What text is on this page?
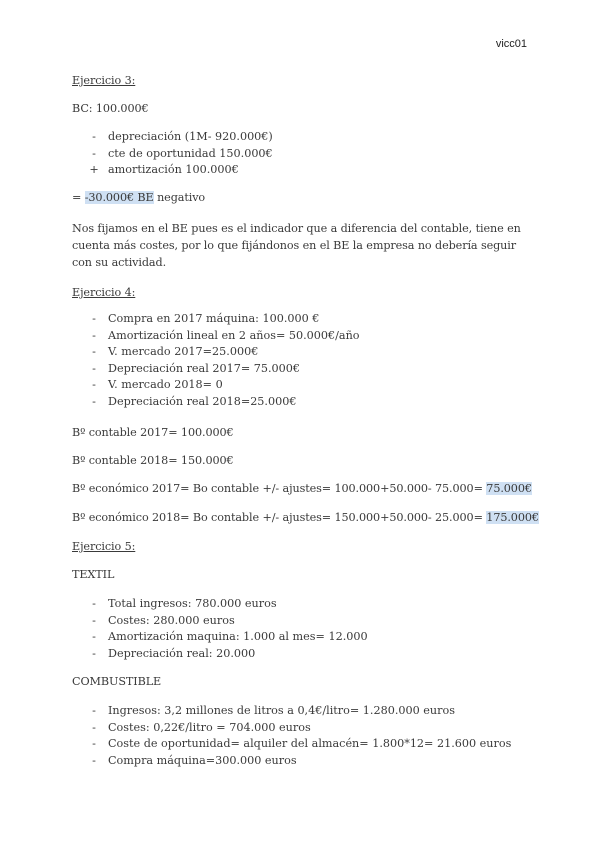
vicc01
Ejercicio 3:
BC: 100.000€
-	depreciación (1M- 920.000€)
-	cte de oportunidad 150.000€
+ amortización 100.000€
= -30.000€ BE negativo
Nos fijamos en el BE pues es el indicador que a diferencia del contable, tiene en cuenta más costes, por lo que fijándonos en el BE la empresa no debería seguir con su actividad.
Ejercicio 4:
-	Compra en 2017 máquina: 100.000 €
-	Amortización lineal en 2 años= 50.000€/año
-	V. mercado 2017=25.000€
-	Depreciación real 2017= 75.000€
-	V. mercado 2018= 0
-	Depreciación real 2018=25.000€
Bº contable 2017= 100.000€
Bº contable 2018= 150.000€
Bº económico 2017= Bo contable +/- ajustes= 100.000+50.000- 75.000= 75.000€
Bº económico 2018= Bo contable +/- ajustes= 150.000+50.000- 25.000= 175.000€
Ejercicio 5:
TEXTIL
-	Total ingresos: 780.000 euros
-	Costes: 280.000 euros
-	Amortización maquina: 1.000 al mes= 12.000
-	Depreciación real: 20.000
COMBUSTIBLE
-	Ingresos: 3,2 millones de litros a 0,4€/litro= 1.280.000 euros
-	Costes: 0,22€/litro = 704.000 euros
-	Coste de oportunidad= alquiler del almacén= 1.800*12= 21.600 euros
-	Compra máquina=300.000 euros
